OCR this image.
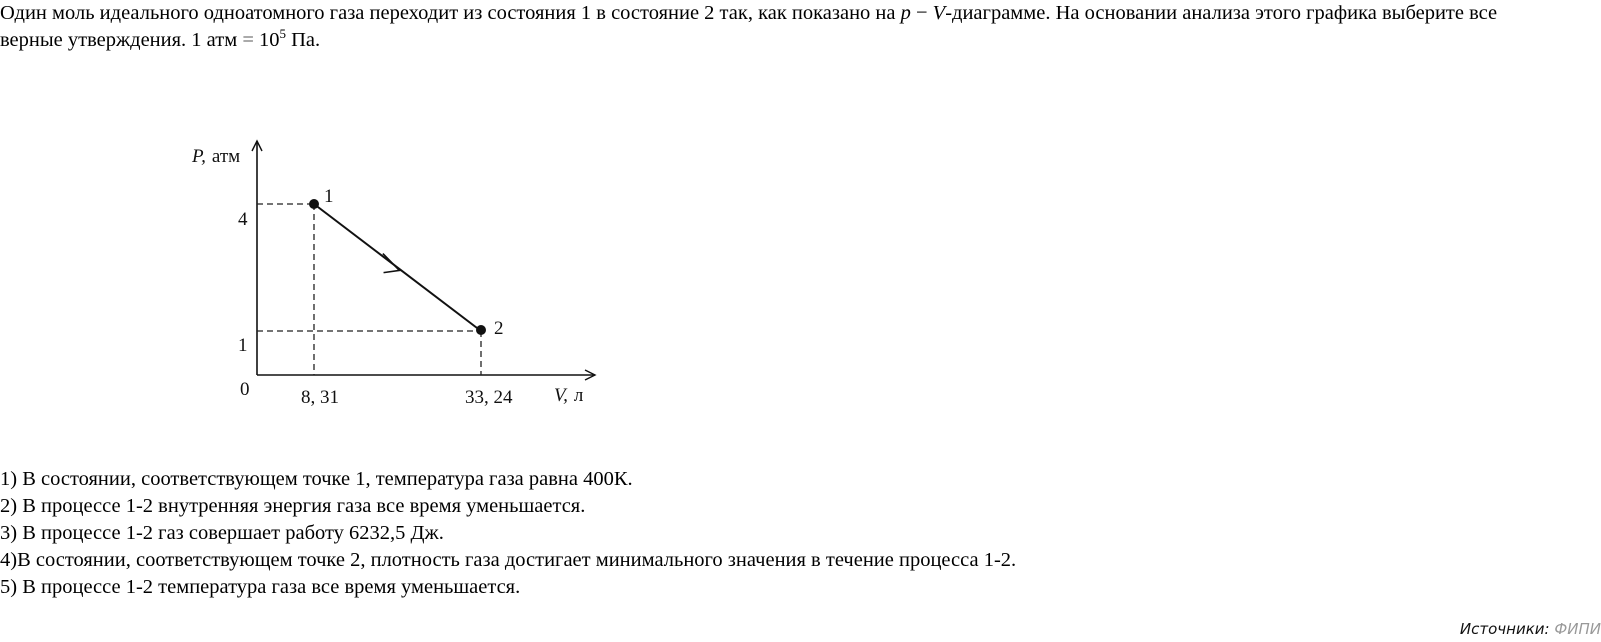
Один моль идеального одноатомного газа переходит из состояния 1 в состояние 2 так, как показано на p − V-диаграмме. На основании анализа этого графика выберите все верные утверждения. 1 атм = $10^5$ Па.
P, атм
V, л
0
4
1
8, 31	33, 24
1
2
1) В состоянии, соответствующем точке 1, температура газа равна 400К.
2) В процессе 1-2 внутренняя энергия газа все время уменьшается.
3) В процессе 1-2 газ совершает работу 6232,5 Дж.
4)В состоянии, соответствующем точке 2, плотность газа достигает минимального значения в течение процесса 1-2.
5) В процессе 1-2 температура газа все время уменьшается.
Источники: ФИПИ
